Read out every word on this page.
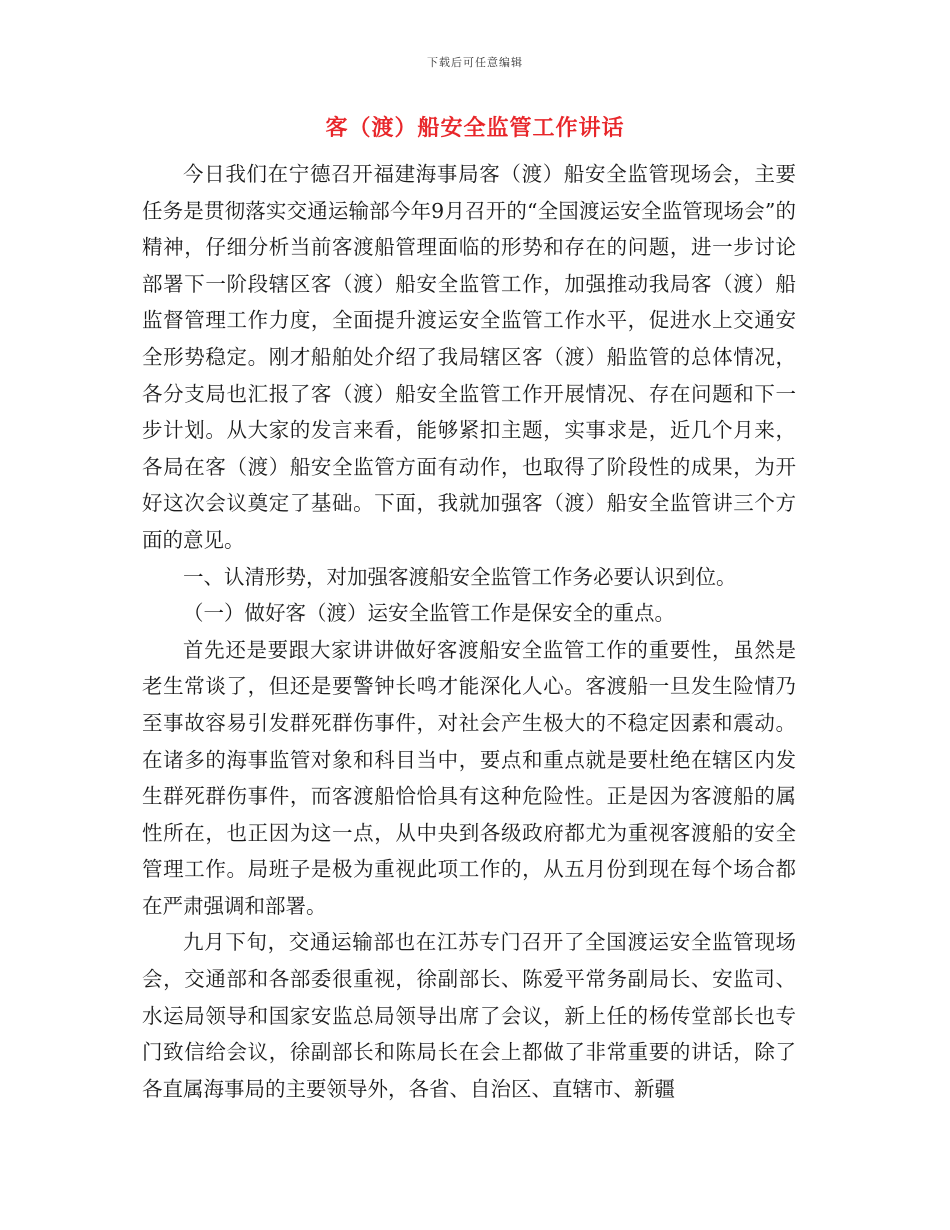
下载后可任意编辑
客（渡）船安全监管工作讲话

今日我们在宁德召开福建海事局客（渡）船安全监管现场会，主要任务是贯彻落实交通运输部今年9月召开的“全国渡运安全监管现场会”的精神，仔细分析当前客渡船管理面临的形势和存在的问题，进一步讨论部署下一阶段辖区客（渡）船安全监管工作，加强推动我局客（渡）船监督管理工作力度，全面提升渡运安全监管工作水平，促进水上交通安全形势稳定。刚才船舶处介绍了我局辖区客（渡）船监管的总体情况，各分支局也汇报了客（渡）船安全监管工作开展情况、存在问题和下一步计划。从大家的发言来看，能够紧扣主题，实事求是，近几个月来，各局在客（渡）船安全监管方面有动作，也取得了阶段性的成果，为开好这次会议奠定了基础。下面，我就加强客（渡）船安全监管讲三个方面的意见。

一、认清形势，对加强客渡船安全监管工作务必要认识到位。

（一）做好客（渡）运安全监管工作是保安全的重点。

首先还是要跟大家讲讲做好客渡船安全监管工作的重要性，虽然是老生常谈了，但还是要警钟长鸣才能深化人心。客渡船一旦发生险情乃至事故容易引发群死群伤事件，对社会产生极大的不稳定因素和震动。在诸多的海事监管对象和科目当中，要点和重点就是要杜绝在辖区内发生群死群伤事件，而客渡船恰恰具有这种危险性。正是因为客渡船的属性所在，也正因为这一点，从中央到各级政府都尤为重视客渡船的安全管理工作。局班子是极为重视此项工作的，从五月份到现在每个场合都在严肃强调和部署。

九月下旬，交通运输部也在江苏专门召开了全国渡运安全监管现场会，交通部和各部委很重视，徐副部长、陈爱平常务副局长、安监司、水运局领导和国家安监总局领导出席了会议，新上任的杨传堂部长也专门致信给会议，徐副部长和陈局长在会上都做了非常重要的讲话，除了各直属海事局的主要领导外，各省、自治区、直辖市、新疆
